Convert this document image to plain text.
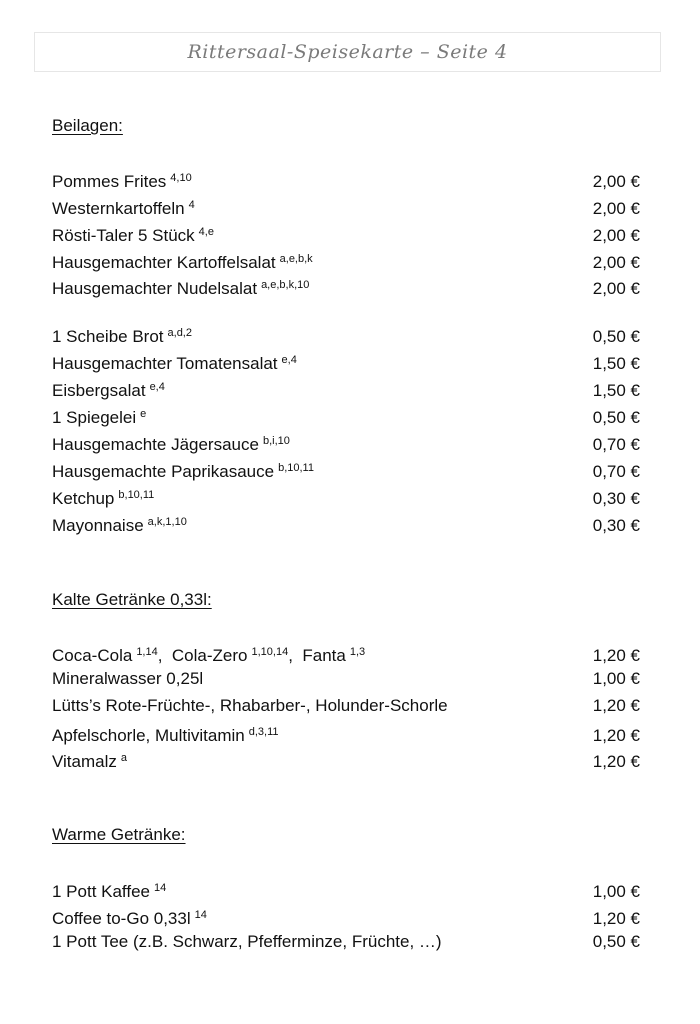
Rittersaal-Speisekarte – Seite 4
Beilagen:
Pommes Frites $^{4,10}$	2,00 €
Westernkartoffeln $^4$	2,00 €
Rösti-Taler 5 Stück $^{4,e}$	2,00 €
Hausgemachter Kartoffelsalat $^{a,e,b,k}$	2,00 €
Hausgemachter Nudelsalat $^{a,e,b,k,10}$	2,00 €
1 Scheibe Brot $^{a,d,2}$	0,50 €
Hausgemachter Tomatensalat $^{e,4}$	1,50 €
Eisbergsalat $^{e,4}$	1,50 €
1 Spiegelei $^e$	0,50 €
Hausgemachte Jägersauce $^{b,i,10}$	0,70 €
Hausgemachte Paprikasauce $^{b,10,11}$	0,70 €
Ketchup $^{b,10,11}$	0,30 €
Mayonnaise $^{a,k,1,10}$	0,30 €
Kalte Getränke 0,33l:
Coca-Cola $^{1,14}$,  Cola-Zero $^{1,10,14}$,  Fanta $^{1,3}$	1,20 €
Mineralwasser 0,25l	1,00 €
Lütts’s Rote-Früchte-, Rhabarber-, Holunder-Schorle	1,20 €
Apfelschorle, Multivitamin $^{d,3,11}$	1,20 €
Vitamalz $^a$	1,20 €
Warme Getränke:
1 Pott Kaffee $^{14}$	1,00 €
Coffee to-Go 0,33l $^{14}$	1,20 €
1 Pott Tee (z.B. Schwarz, Pfefferminze, Früchte, …)	0,50 €
